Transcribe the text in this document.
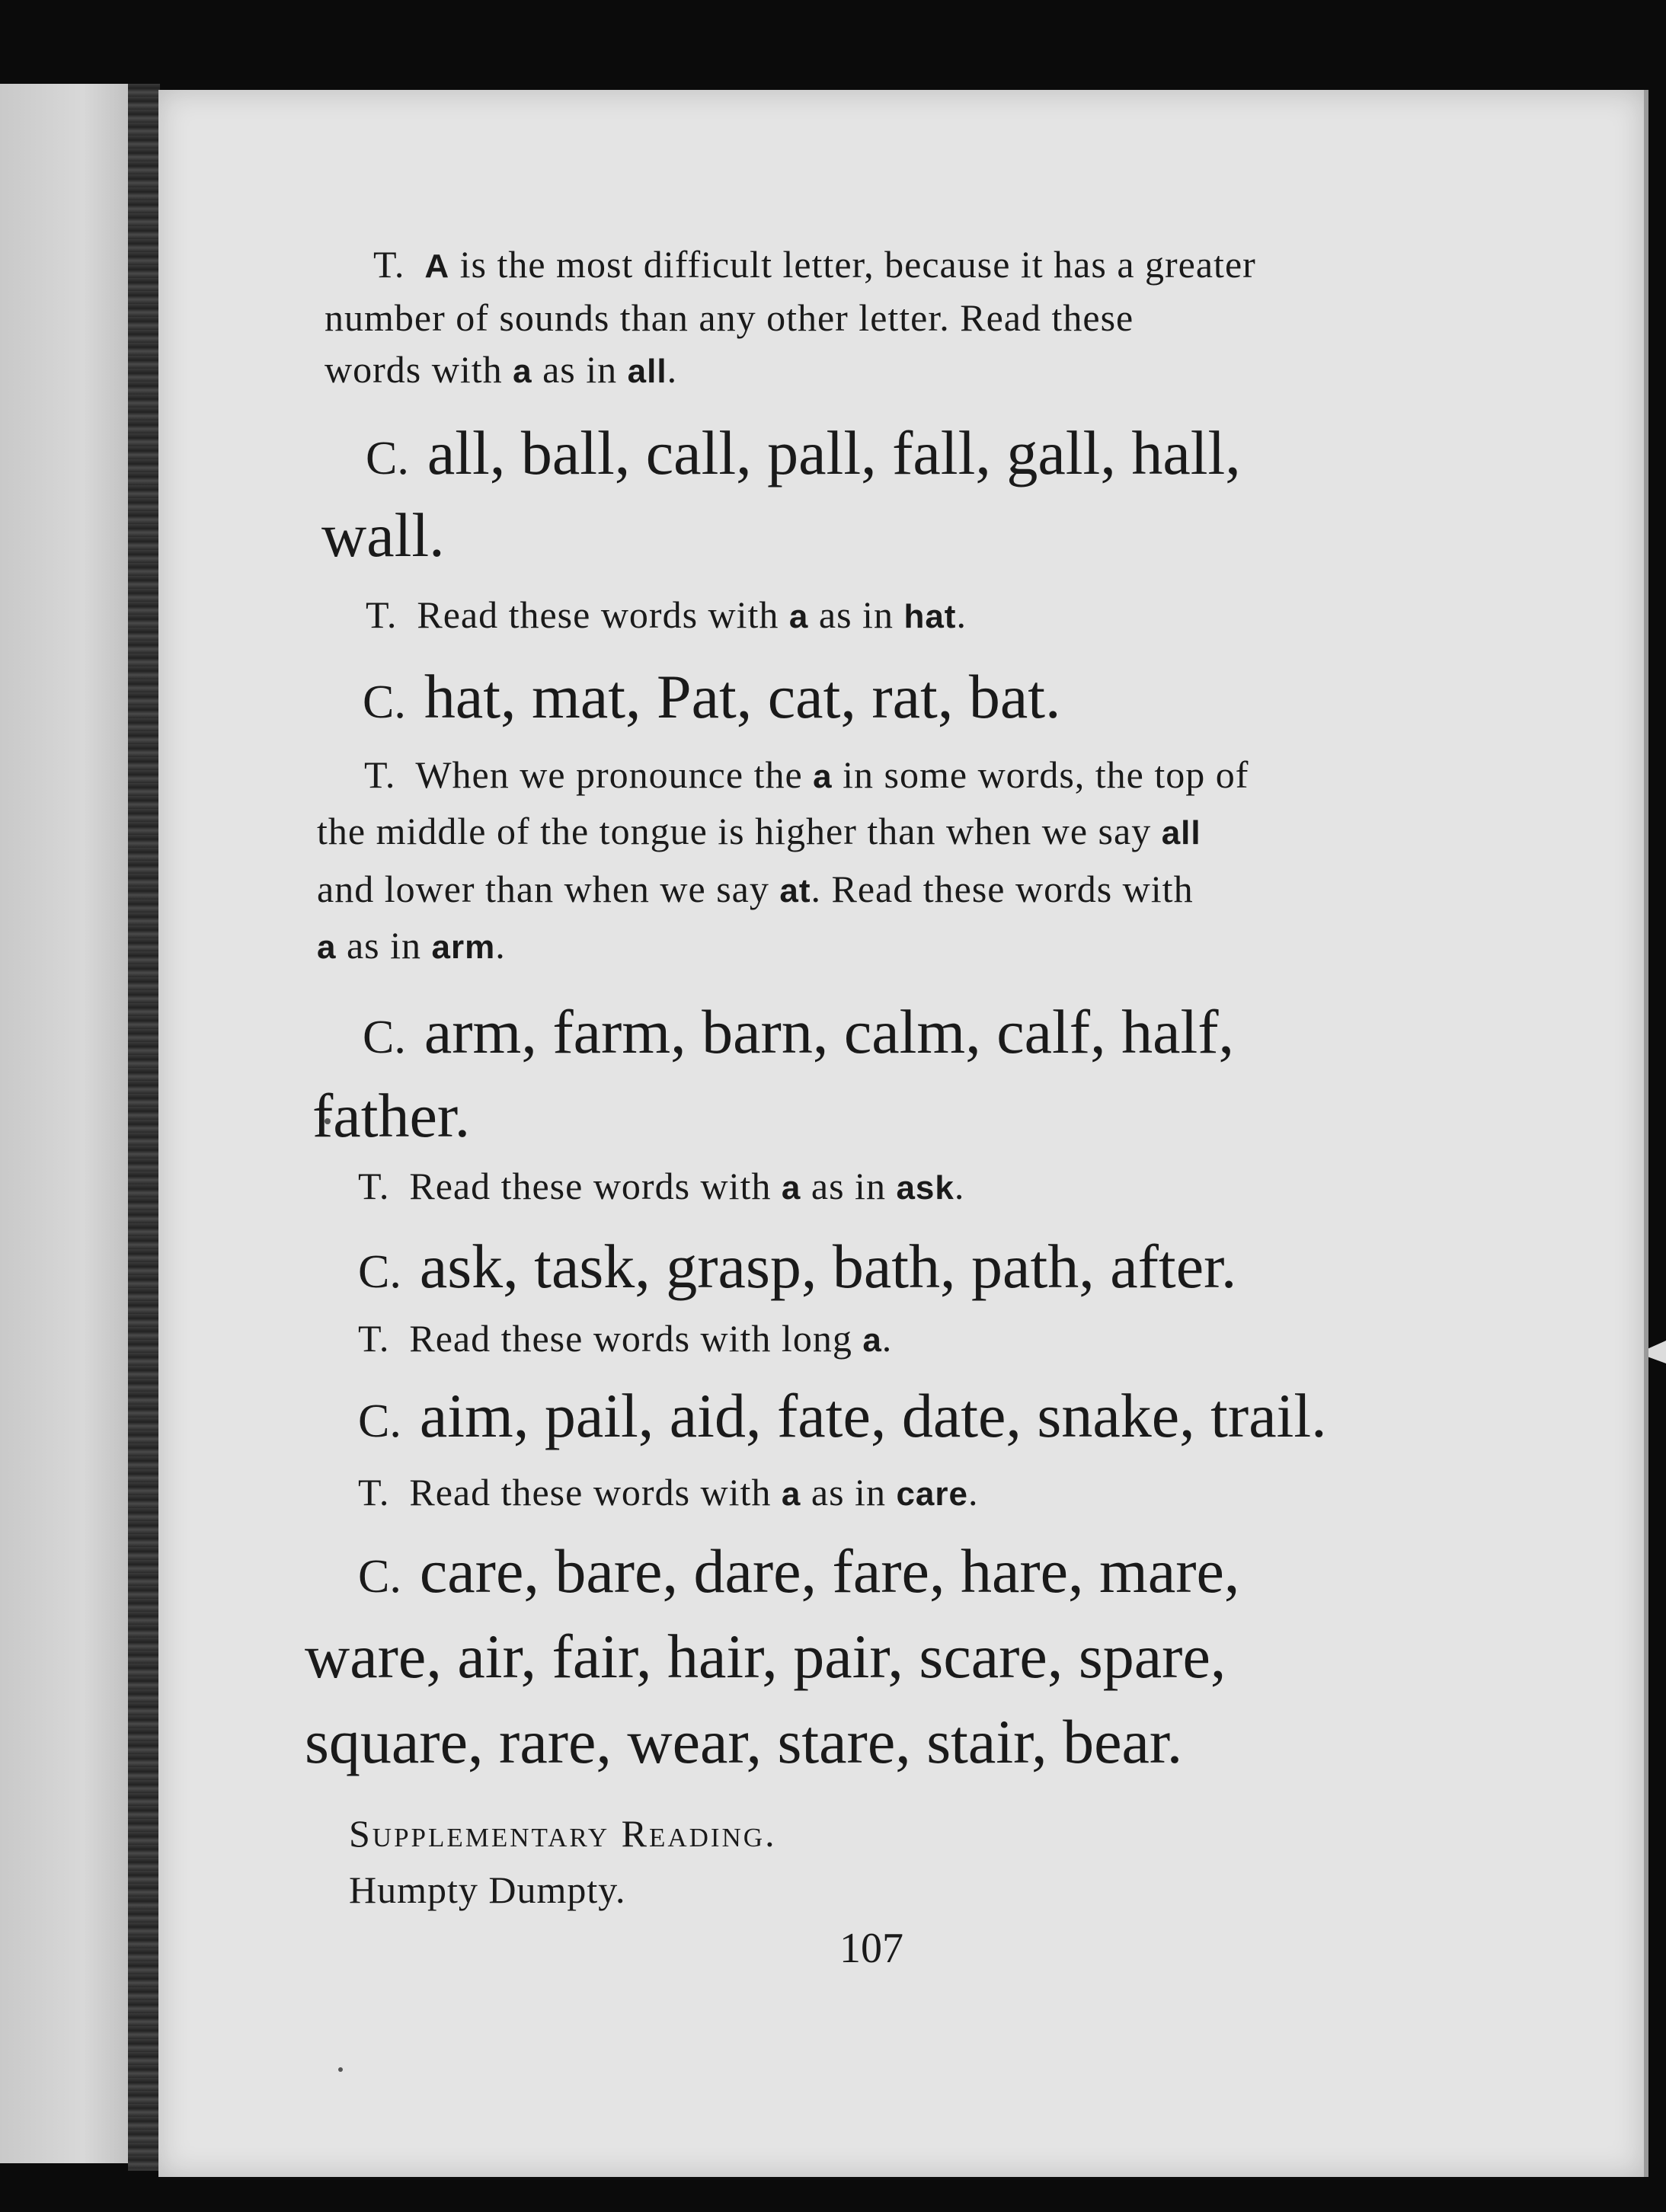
T. A is the most difficult letter, because it has a greater
number of sounds than any other letter. Read these
words with a as in all.
C. all, ball, call, pall, fall, gall, hall,
wall.
T. Read these words with a as in hat.
C. hat, mat, Pat, cat, rat, bat.
T. When we pronounce the a in some words, the top of
the middle of the tongue is higher than when we say all
and lower than when we say at. Read these words with
a as in arm.
C. arm, farm, barn, calm, calf, half,
father.
T. Read these words with a as in ask.
C. ask, task, grasp, bath, path, after.
T. Read these words with long a.
C. aim, pail, aid, fate, date, snake, trail.
T. Read these words with a as in care.
C. care, bare, dare, fare, hare, mare,
ware, air, fair, hair, pair, scare, spare,
square, rare, wear, stare, stair, bear.
Supplementary Reading.
Humpty Dumpty.
107
